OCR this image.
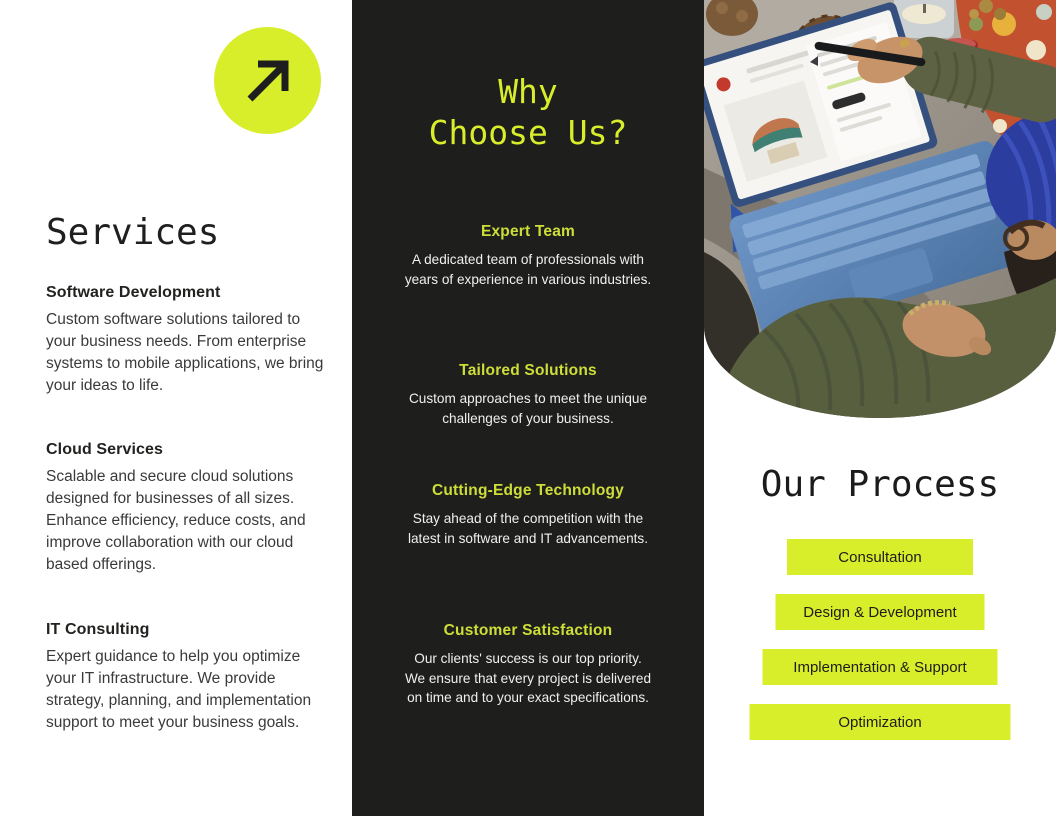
Services
Software Development

Custom software solutions tailored to your business needs. From enterprise systems to mobile applications, we bring your ideas to life.

Cloud Services

Scalable and secure cloud solutions designed for businesses of all sizes. Enhance efficiency, reduce costs, and improve collaboration with our cloud based offerings.

IT Consulting

Expert guidance to help you optimize your IT infrastructure. We provide strategy, planning, and implementation support to meet your business goals.

Why
Choose Us?
Expert Team

A dedicated team of professionals with years of experience in various industries.

Tailored Solutions

Custom approaches to meet the unique challenges of your business.

Cutting-Edge Technology

Stay ahead of the competition with the latest in software and IT advancements.

Customer Satisfaction

Our clients' success is our top priority. We ensure that every project is delivered on time and to your exact specifications.

Our Process
Consultation
Design & Development
Implementation & Support
Optimization
